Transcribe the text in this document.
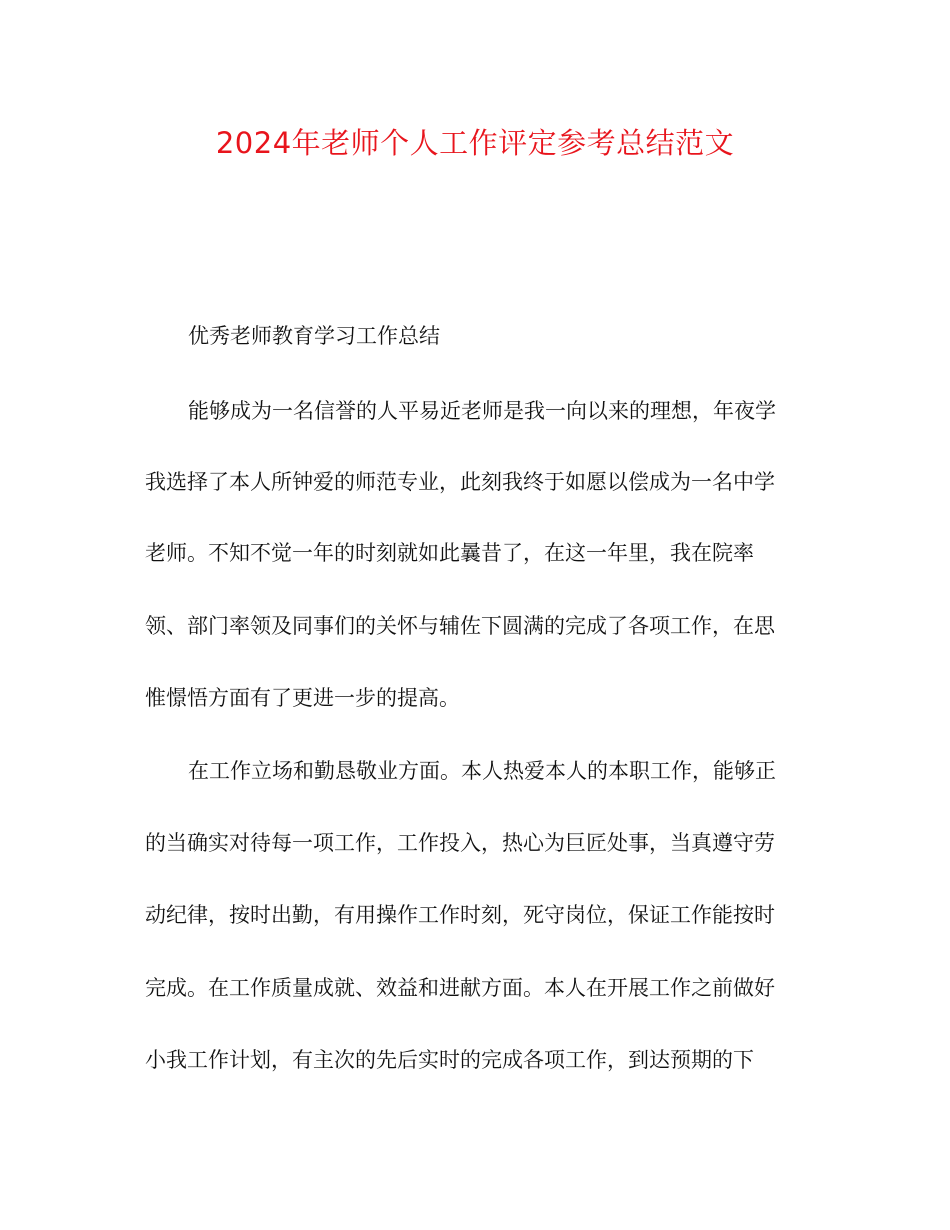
2024年老师个人工作评定参考总结范文
优秀老师教育学习工作总结
能够成为一名信誉的人平易近老师是我一向以来的理想，年夜学
我选择了本人所钟爱的师范专业，此刻我终于如愿以偿成为一名中学
老师。不知不觉一年的时刻就如此曩昔了，在这一年里，我在院率
领、部门率领及同事们的关怀与辅佐下圆满的完成了各项工作，在思
惟憬悟方面有了更进一步的提高。
在工作立场和勤恳敬业方面。本人热爱本人的本职工作，能够正
的当确实对待每一项工作，工作投入，热心为巨匠处事，当真遵守劳
动纪律，按时出勤，有用操作工作时刻，死守岗位，保证工作能按时
完成。在工作质量成就、效益和进献方面。本人在开展工作之前做好
小我工作计划，有主次的先后实时的完成各项工作，到达预期的下
